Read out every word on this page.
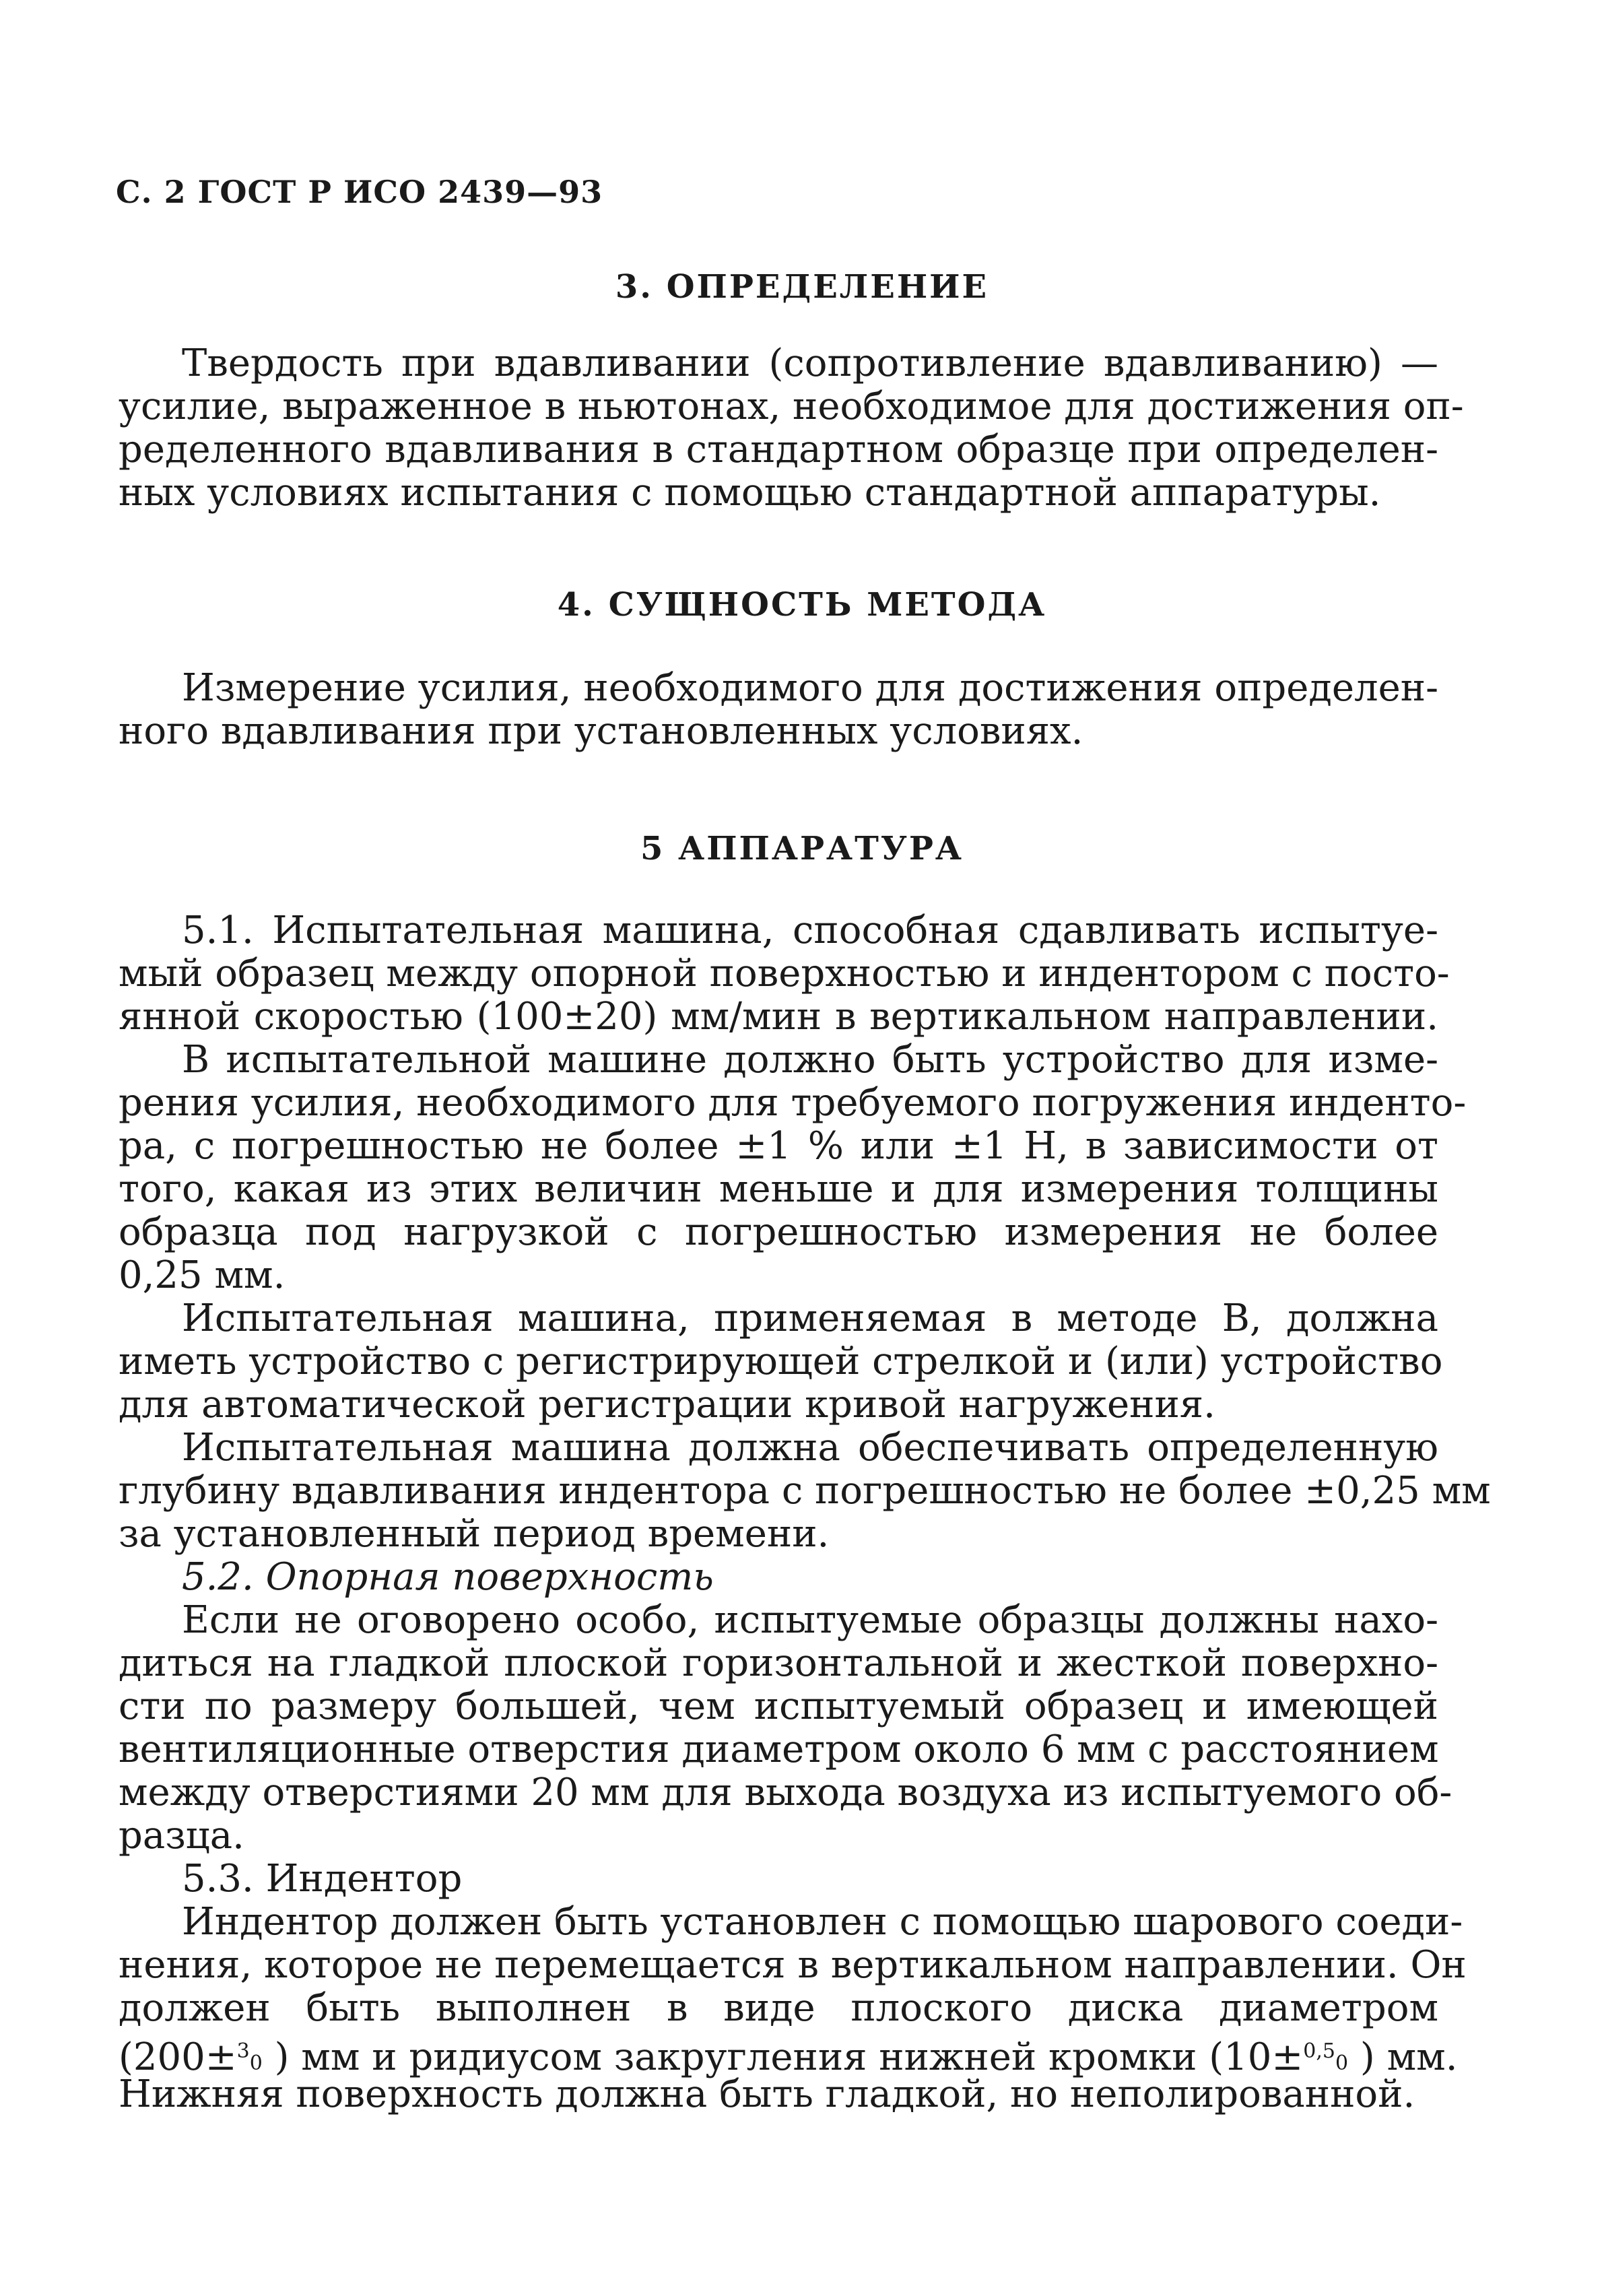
С. 2 ГОСТ Р ИСО 2439—93
3. ОПРЕДЕЛЕНИЕ
Твердость при вдавливании (сопротивление вдавливанию) —
усилие, выраженное в ньютонах, необходимое для достижения оп-
ределенного вдавливания в стандартном образце при определен-
ных условиях испытания с помощью стандартной аппаратуры.
4. СУЩНОСТЬ МЕТОДА
Измерение усилия, необходимого для достижения определен-
ного вдавливания при установленных условиях.
5 АППАРАТУРА
5.1. Испытательная машина, способная сдавливать испытуе-
мый образец между опорной поверхностью и индентором с посто-
янной скоростью (100±20) мм/мин в вертикальном направлении.
В испытательной машине должно быть устройство для изме-
рения усилия, необходимого для требуемого погружения инденто-
ра, с погрешностью не более ±1 % или ±1 Н, в зависимости от
того, какая из этих величин меньше и для измерения толщины
образца под нагрузкой с погрешностью измерения не более
0,25 мм.
Испытательная машина, применяемая в методе В, должна
иметь устройство с регистрирующей стрелкой и (или) устройство
для автоматической регистрации кривой нагружения.
Испытательная машина должна обеспечивать определенную
глубину вдавливания индентора с погрешностью не более ±0,25 мм
за установленный период времени.
5.2. Опорная поверхность
Если не оговорено особо, испытуемые образцы должны нахо-
диться на гладкой плоской горизонтальной и жесткой поверхно-
сти по размеру большей, чем испытуемый образец и имеющей
вентиляционные отверстия диаметром около 6 мм с расстоянием
между отверстиями 20 мм для выхода воздуха из испытуемого об-
разца.
5.3. Индентор
Индентор должен быть установлен с помощью шарового соеди-
нения, которое не перемещается в вертикальном направлении. Он
должен быть выполнен в виде плоского диска диаметром
(200±30 ) мм и ридиусом закругления нижней кромки (10±0,50 ) мм.
Нижняя поверхность должна быть гладкой, но неполированной.
